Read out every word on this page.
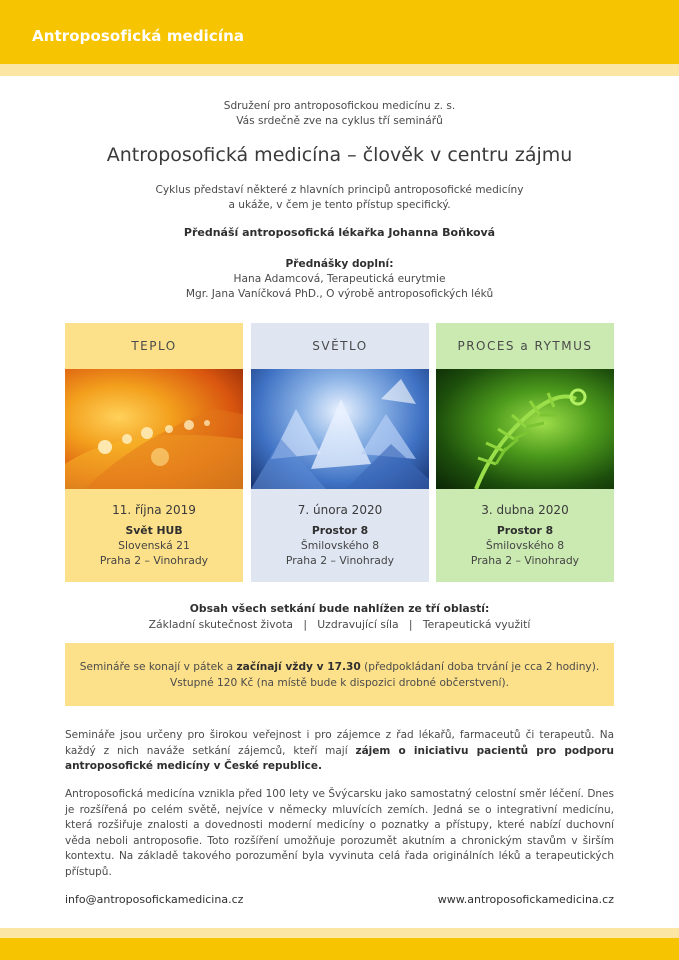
Antroposofická medicína
Sdružení pro antroposofickou medicínu z. s.
Vás srdečně zve na cyklus tří seminářů
Antroposofická medicína – člověk v centru zájmu
Cyklus představí některé z hlavních principů antroposofické medicíny
a ukáže, v čem je tento přístup specifický.
Přednáší antroposofická lékařka Johanna Boňková
Přednášky doplní:
Hana Adamcová, Terapeutická eurytmie
Mgr. Jana Vaníčková PhD., O výrobě antroposofických léků
TEPLO
11. října 2019
Svět HUB
Slovenská 21
Praha 2 – Vinohrady
SVĚTLO
7. února 2020
Prostor 8
Šmilovského 8
Praha 2 – Vinohrady
PROCES a RYTMUS
3. dubna 2020
Prostor 8
Šmilovského 8
Praha 2 – Vinohrady
Obsah všech setkání bude nahlížen ze tří oblastí:
Základní skutečnost života   |   Uzdravující síla   |   Terapeutická využití
Semináře se konají v pátek a začínají vždy v 17.30 (předpokládaní doba trvání je cca 2 hodiny).
Vstupné 120 Kč (na místě bude k dispozici drobné občerstvení).
Semináře jsou určeny pro širokou veřejnost i pro zájemce z řad lékařů, farmaceutů či terapeutů. Na každý z nich naváže setkání zájemců, kteří mají zájem o iniciativu pacientů pro podporu antroposofické medicíny v České republice.
Antroposofická medicína vznikla před 100 lety ve Švýcarsku jako samostatný celostní směr léčení. Dnes je rozšířená po celém světě, nejvíce v německy mluvících zemích. Jedná se o integrativní medicínu, která rozšiřuje znalosti a dovednosti moderní medicíny o poznatky a přístupy, které nabízí duchovní věda neboli antroposofie. Toto rozšíření umožňuje porozumět akutním a chronickým stavům v širším kontextu. Na základě takového porozumění byla vyvinuta celá řada originálních léků a terapeutických přístupů.
info@antroposofickamedicina.cz	www.antroposofickamedicina.cz
